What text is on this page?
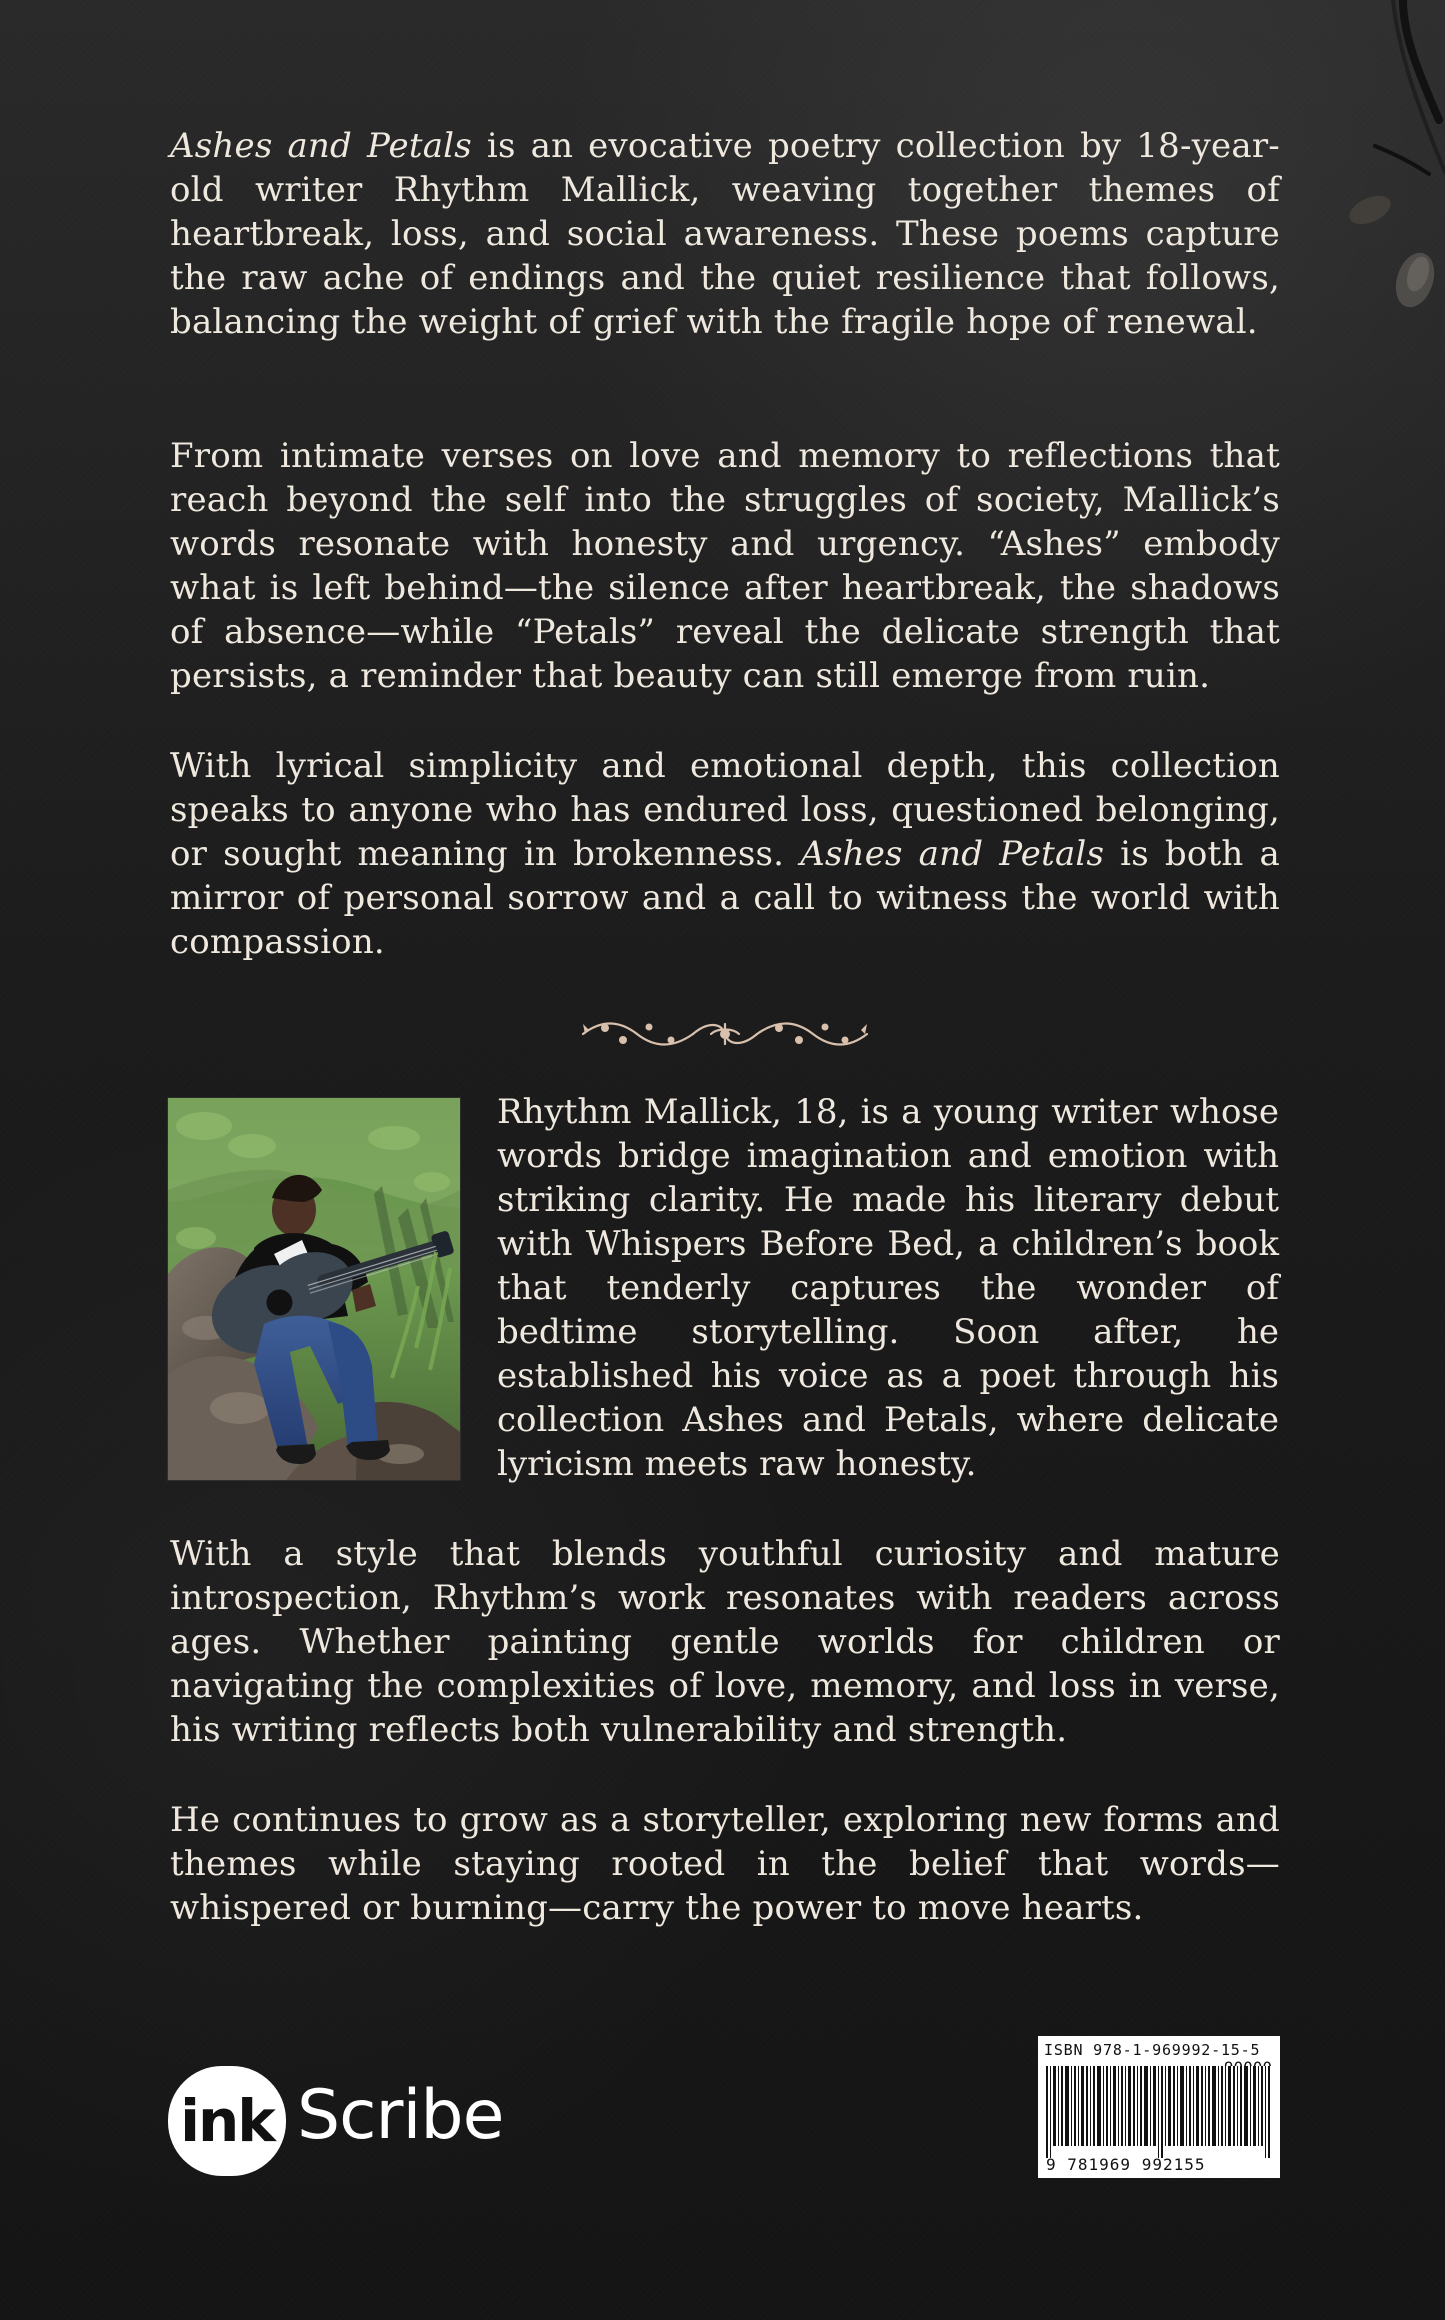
Ashes and Petals is an evocative poetry collection by 18-year-old writer Rhythm Mallick, weaving together themes of heartbreak, loss, and social awareness. These poems capture the raw ache of endings and the quiet resilience that follows, balancing the weight of grief with the fragile hope of renewal.

From intimate verses on love and memory to reflections that reach beyond the self into the struggles of society, Mallick’s words resonate with honesty and urgency. “Ashes” embody what is left behind—the silence after heartbreak, the shadows of absence—while “Petals” reveal the delicate strength that persists, a reminder that beauty can still emerge from ruin.

With lyrical simplicity and emotional depth, this collection speaks to anyone who has endured loss, questioned belonging, or sought meaning in brokenness. Ashes and Petals is both a mirror of personal sorrow and a call to witness the world with compassion.

Rhythm Mallick, 18, is a young writer whose words bridge imagination and emotion with striking clarity. He made his literary debut with Whispers Before Bed, a children’s book that tenderly captures the wonder of bedtime storytelling. Soon after, he established his voice as a poet through his collection Ashes and Petals, where delicate lyricism meets raw honesty.

With a style that blends youthful curiosity and mature introspection, Rhythm’s work resonates with readers across ages. Whether painting gentle worlds for children or navigating the complexities of love, memory, and loss in verse, his writing reflects both vulnerability and strength.

He continues to grow as a storyteller, exploring new forms and themes while staying rooted in the belief that words—whispered or burning—carry the power to move hearts.

ink Scribe
ISBN 978-1-969992-15-5
9 781969 992155
